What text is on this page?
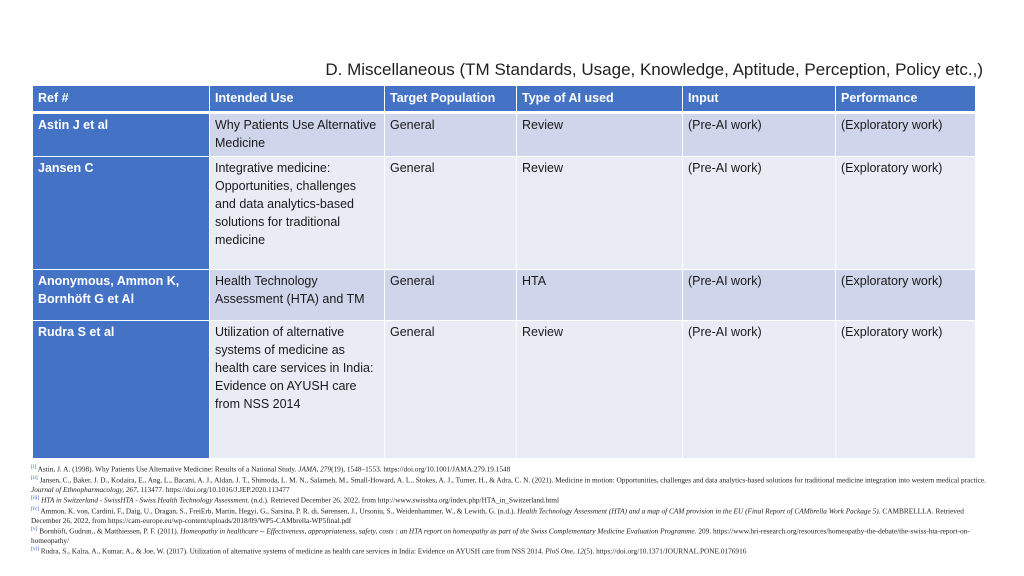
D. Miscellaneous (TM Standards, Usage, Knowledge, Aptitude, Perception, Policy etc.,)
Ref #	Intended Use	Target Population	Type of AI used	Input	Performance
Astin J et al	Why Patients Use Alternative Medicine	General	Review	(Pre-AI work)	(Exploratory work)
Jansen C	Integrative medicine: Opportunities, challenges and data analytics-based solutions for traditional medicine	General	Review	(Pre-AI work)	(Exploratory work)
Anonymous, Ammon K, Bornhöft G et Al	Health Technology Assessment (HTA) and TM	General	HTA	(Pre-AI work)	(Exploratory work)
Rudra S et al	Utilization of alternative systems of medicine as health care services in India: Evidence on AYUSH care from NSS 2014	General	Review	(Pre-AI work)	(Exploratory work)

[i] Astin, J. A. (1998). Why Patients Use Alternative Medicine: Results of a National Study. JAMA, 279(19), 1548–1553. https://doi.org/10.1001/JAMA.279.19.1548

[ii] Jansen, C., Baker, J. D., Kodaira, E., Ang, L., Bacani, A. J., Aldan, J. T., Shimoda, L. M. N., Salameh, M., Small-Howard, A. L., Stokes, A. J., Turner, H., & Adra, C. N. (2021). Medicine in motion: Opportunities, challenges and data analytics-based solutions for traditional medicine integration into western medical practice. Journal of Ethnopharmacology, 267, 113477. https://doi.org/10.1016/J.JEP.2020.113477

[iii] HTA in Switzerland - SwissHTA - Swiss Health Technology Assessment. (n.d.). Retrieved December 26, 2022, from http://www.swisshta.org/index.php/HTA_in_Switzerland.html

[iv] Ammon, K. von, Cardini, F., Daig, U., Dragan, S., FreiErb, Martin, Hegyi, G., Sarsina, P. R. di, Sørensen, J., Ursoniu, S., Weidenhammer, W., & Lewith, G. (n.d.). Health Technology Assessment (HTA) and a map of CAM provision in the EU (Final Report of CAMbrella Work Package 5). CAMBRELLLA. Retrieved December 26, 2022, from https://cam-europe.eu/wp-content/uploads/2018/09/WP5-CAMbrella-WP5final.pdf

[v] Bornhöft, Gudrun., & Matthiessen, P. F. (2011). Homeopathy in healthcare -- Effectiveness, appropriateness, safety, costs : an HTA report on homeopathy as part of the Swiss Complementary Medicine Evaluation Programme. 209. https://www.hri-research.org/resources/homeopathy-the-debate/the-swiss-hta-report-on-homeopathy/

[vi] Rudra, S., Kalra, A., Kumar, A., & Joe, W. (2017). Utilization of alternative systems of medicine as health care services in India: Evidence on AYUSH care from NSS 2014. PloS One, 12(5). https://doi.org/10.1371/JOURNAL.PONE.0176916
